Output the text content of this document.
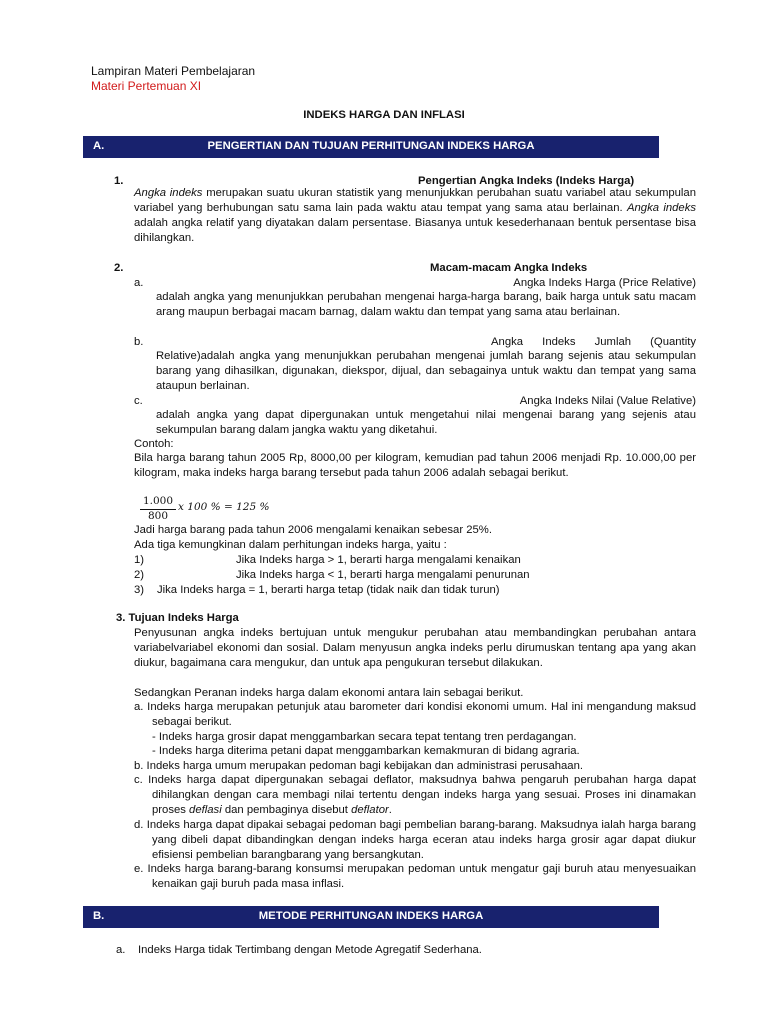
Lampiran Materi Pembelajaran
Materi Pertemuan XI
INDEKS HARGA DAN INFLASI
A.	PENGERTIAN DAN TUJUAN PERHITUNGAN INDEKS HARGA
1.	Pengertian Angka Indeks (Indeks Harga)
Angka indeks merupakan suatu ukuran statistik yang menunjukkan perubahan suatu variabel atau sekumpulan variabel yang berhubungan satu sama lain pada waktu atau tempat yang sama atau berlainan. Angka indeks adalah angka relatif yang diyatakan dalam persentase. Biasanya untuk kesederhanaan bentuk persentase bisa dihilangkan.
2.	Macam-macam Angka Indeks
a.	Angka Indeks Harga (Price Relative)
adalah angka yang menunjukkan perubahan mengenai harga-harga barang, baik harga untuk satu macam arang maupun berbagai macam barnag, dalam waktu dan tempat yang sama atau berlainan.
b.	Angka Indeks Jumlah (Quantity
Relative)adalah angka yang menunjukkan perubahan mengenai jumlah barang sejenis atau sekumpulan barang yang dihasilkan, digunakan, diekspor, dijual, dan sebagainya untuk waktu dan tempat yang sama ataupun berlainan.
c.	Angka Indeks Nilai (Value Relative)
adalah angka yang dapat dipergunakan untuk mengetahui nilai mengenai barang yang sejenis atau sekumpulan barang dalam jangka waktu yang diketahui.
Contoh:
Bila harga barang tahun 2005 Rp, 8000,00 per kilogram, kemudian pad tahun 2006 menjadi Rp. 10.000,00 per kilogram, maka indeks harga barang tersebut pada tahun 2006 adalah sebagai berikut.
1.000
800
x 100 % = 125 %
Jadi harga barang pada tahun 2006 mengalami kenaikan sebesar 25%.
Ada tiga kemungkinan dalam perhitungan indeks harga, yaitu :
1)	Jika Indeks harga > 1, berarti harga mengalami kenaikan
2)	Jika Indeks harga < 1, berarti harga mengalami penurunan
3) Jika Indeks harga = 1, berarti harga tetap (tidak naik dan tidak turun)
3. Tujuan Indeks Harga
Penyusunan angka indeks bertujuan untuk mengukur perubahan atau membandingkan perubahan antara variabelvariabel ekonomi dan sosial. Dalam menyusun angka indeks perlu dirumuskan tentang apa yang akan diukur, bagaimana cara mengukur, dan untuk apa pengukuran tersebut dilakukan.
Sedangkan Peranan indeks harga dalam ekonomi antara lain sebagai berikut.
a. Indeks harga merupakan petunjuk atau barometer dari kondisi ekonomi umum. Hal ini mengandung maksud sebagai berikut.
- Indeks harga grosir dapat menggambarkan secara tepat tentang tren perdagangan.
- Indeks harga diterima petani dapat menggambarkan kemakmuran di bidang agraria.
b. Indeks harga umum merupakan pedoman bagi kebijakan dan administrasi perusahaan.
c. Indeks harga dapat dipergunakan sebagai deflator, maksudnya bahwa pengaruh perubahan harga dapat dihilangkan dengan cara membagi nilai tertentu dengan indeks harga yang sesuai. Proses ini dinamakan proses deflasi dan pembaginya disebut deflator.
d. Indeks harga dapat dipakai sebagai pedoman bagi pembelian barang-barang. Maksudnya ialah harga barang yang dibeli dapat dibandingkan dengan indeks harga eceran atau indeks harga grosir agar dapat diukur efisiensi pembelian barangbarang yang bersangkutan.
e. Indeks harga barang-barang konsumsi merupakan pedoman untuk mengatur gaji buruh atau menyesuaikan kenaikan gaji buruh pada masa inflasi.
B.	METODE PERHITUNGAN INDEKS HARGA
a. Indeks Harga tidak Tertimbang dengan Metode Agregatif Sederhana.
